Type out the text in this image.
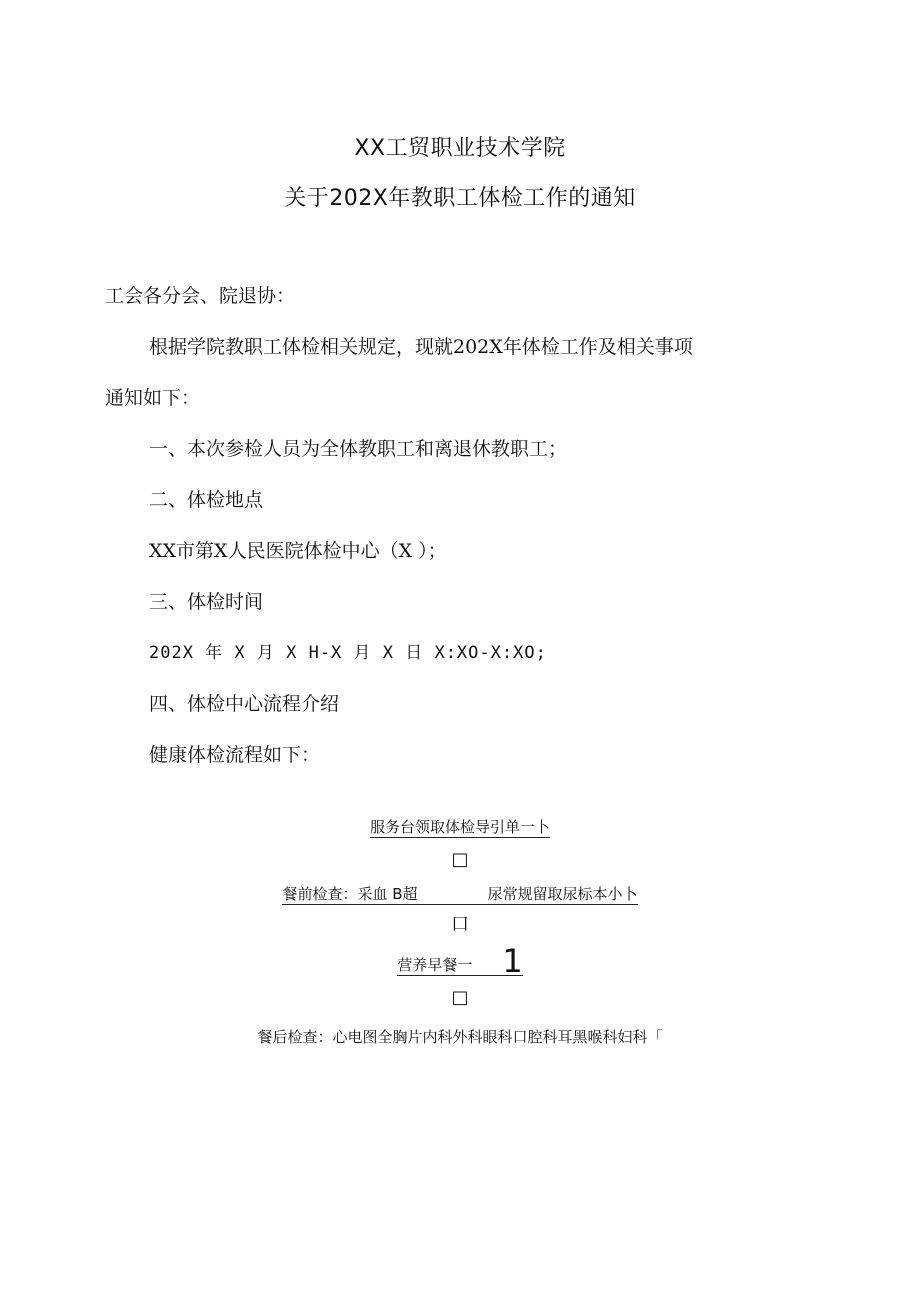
XX工贸职业技术学院
关于202X年教职工体检工作的通知
工会各分会、院退协：
根据学院教职工体检相关规定，现就202X年体检工作及相关事项
通知如下：
一、本次参检人员为全体教职工和离退休教职工；
二、体检地点
XX市第X人民医院体检中心（X ）；
三、体检时间
202X 年 X 月 X H-X 月 X 日 X:XO-X:XO;
四、体检中心流程介绍
健康体检流程如下：
服务台领取体检导引单一卜
□
餐前检查：采血 B超	尿常规留取尿标本小卜
口
营养早餐一 1
□
餐后检查：心电图全胸片内科外科眼科口腔科耳黑喉科妇科「
